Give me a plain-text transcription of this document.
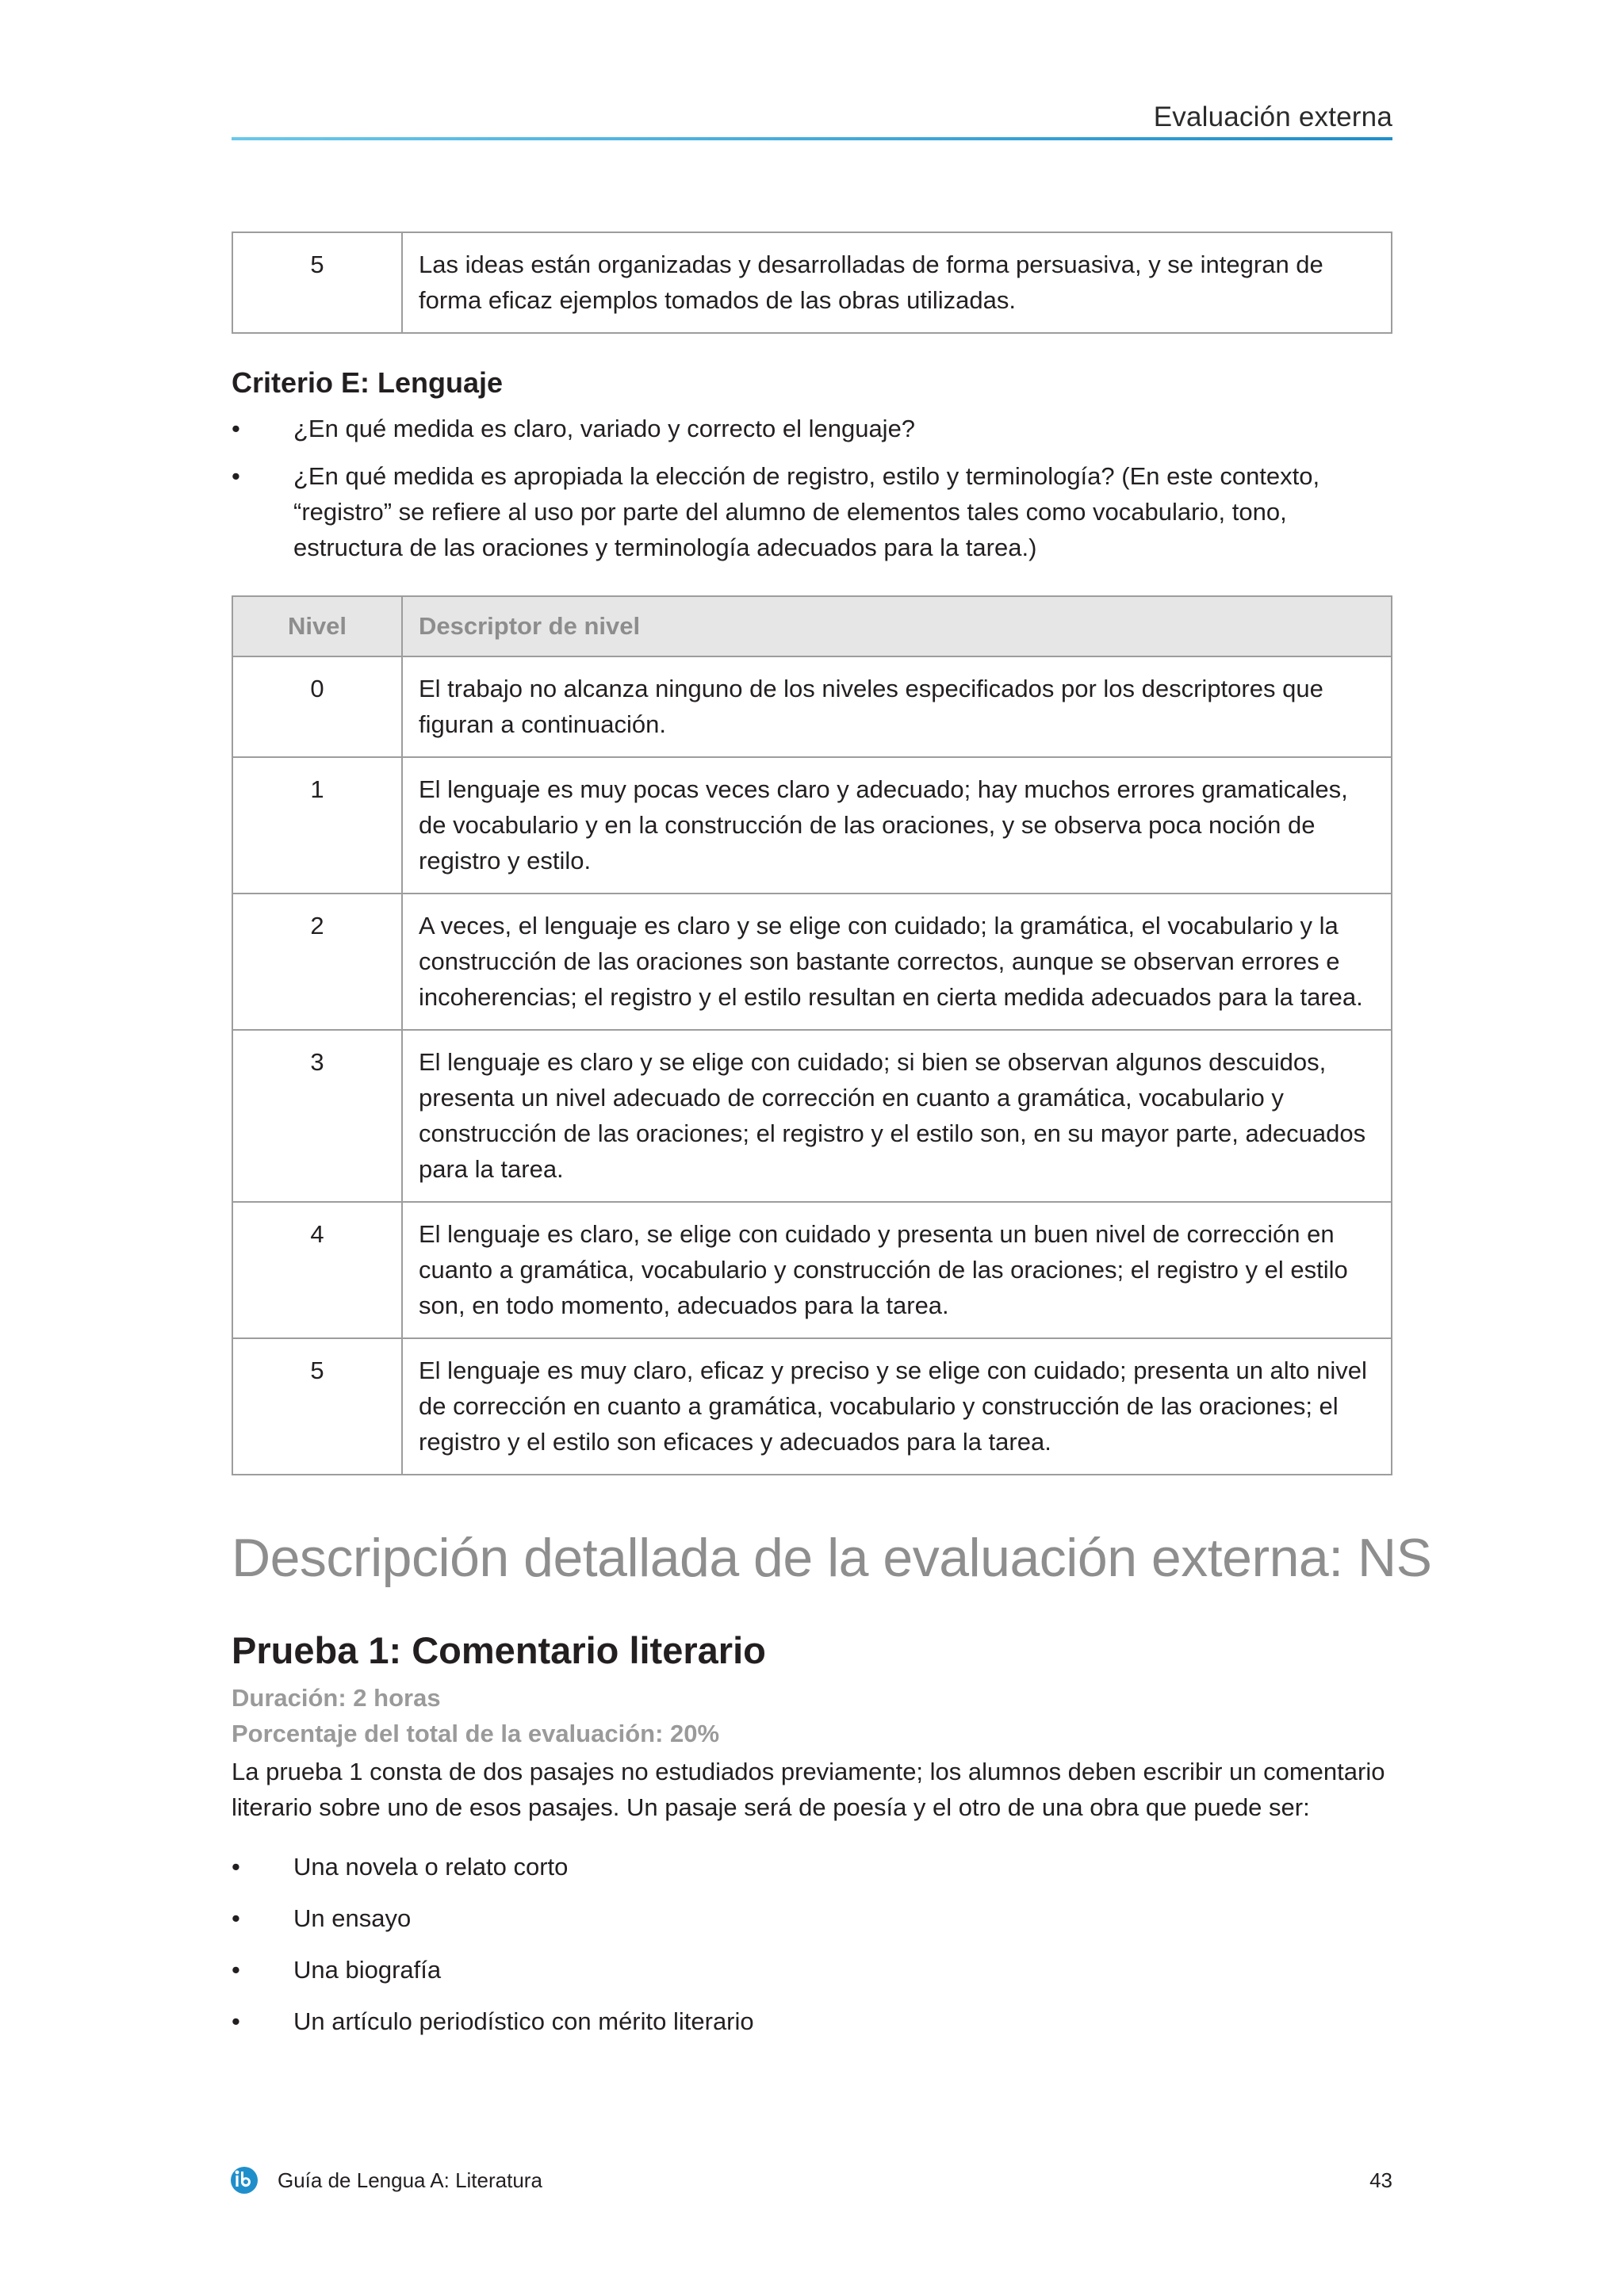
Evaluación externa
5	Las ideas están organizadas y desarrolladas de forma persuasiva, y se integran de forma eficaz ejemplos tomados de las obras utilizadas.
Criterio E: Lenguaje
• ¿En qué medida es claro, variado y correcto el lenguaje?
• ¿En qué medida es apropiada la elección de registro, estilo y terminología? (En este contexto, “registro” se refiere al uso por parte del alumno de elementos tales como vocabulario, tono, estructura de las oraciones y terminología adecuados para la tarea.)
Nivel	Descriptor de nivel
0	El trabajo no alcanza ninguno de los niveles especificados por los descriptores que figuran a continuación.
1	El lenguaje es muy pocas veces claro y adecuado; hay muchos errores gramaticales, de vocabulario y en la construcción de las oraciones, y se observa poca noción de registro y estilo.
2	A veces, el lenguaje es claro y se elige con cuidado; la gramática, el vocabulario y la construcción de las oraciones son bastante correctos, aunque se observan errores e incoherencias; el registro y el estilo resultan en cierta medida adecuados para la tarea.
3	El lenguaje es claro y se elige con cuidado; si bien se observan algunos descuidos, presenta un nivel adecuado de corrección en cuanto a gramática, vocabulario y construcción de las oraciones; el registro y el estilo son, en su mayor parte, adecuados para la tarea.
4	El lenguaje es claro, se elige con cuidado y presenta un buen nivel de corrección en cuanto a gramática, vocabulario y construcción de las oraciones; el registro y el estilo son, en todo momento, adecuados para la tarea.
5	El lenguaje es muy claro, eficaz y preciso y se elige con cuidado; presenta un alto nivel de corrección en cuanto a gramática, vocabulario y construcción de las oraciones; el registro y el estilo son eficaces y adecuados para la tarea.
Descripción detallada de la evaluación externa: NS
Prueba 1: Comentario literario
Duración: 2 horas
Porcentaje del total de la evaluación: 20%
La prueba 1 consta de dos pasajes no estudiados previamente; los alumnos deben escribir un comentario literario sobre uno de esos pasajes. Un pasaje será de poesía y el otro de una obra que puede ser:
• Una novela o relato corto
• Un ensayo
• Una biografía
• Un artículo periodístico con mérito literario
Guía de Lengua A: Literatura	43
